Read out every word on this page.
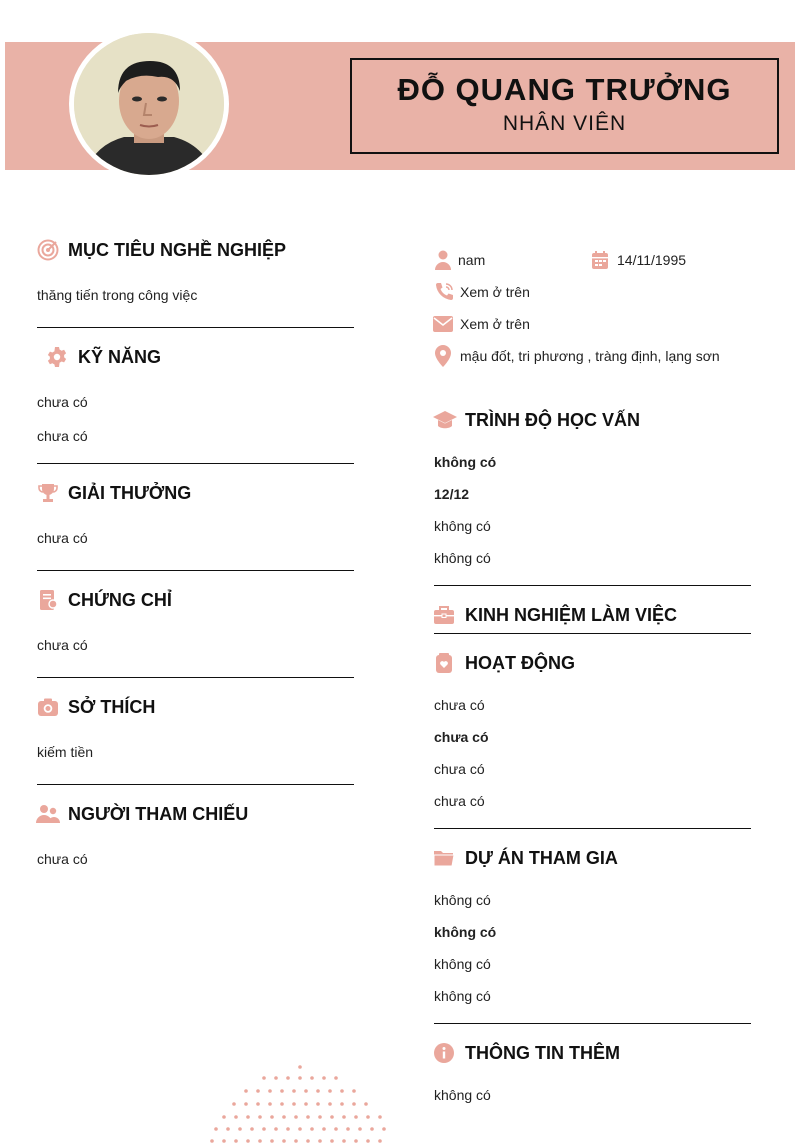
ĐỖ QUANG TRƯỞNG
NHÂN VIÊN
MỤC TIÊU NGHỀ NGHIỆP
thăng tiến trong công việc
KỸ NĂNG
chưa có
chưa có
GIẢI THƯỞNG
chưa có
CHỨNG CHỈ
chưa có
SỞ THÍCH
kiếm tiền
NGƯỜI THAM CHIẾU
chưa có
nam	14/11/1995
Xem ở trên
Xem ở trên
mậu đốt, tri phương , tràng định, lạng sơn
TRÌNH ĐỘ HỌC VẤN
không có
12/12
không có
không có
KINH NGHIỆM LÀM VIỆC
HOẠT ĐỘNG
chưa có
chưa có
chưa có
chưa có
DỰ ÁN THAM GIA
không có
không có
không có
không có
THÔNG TIN THÊM
không có
